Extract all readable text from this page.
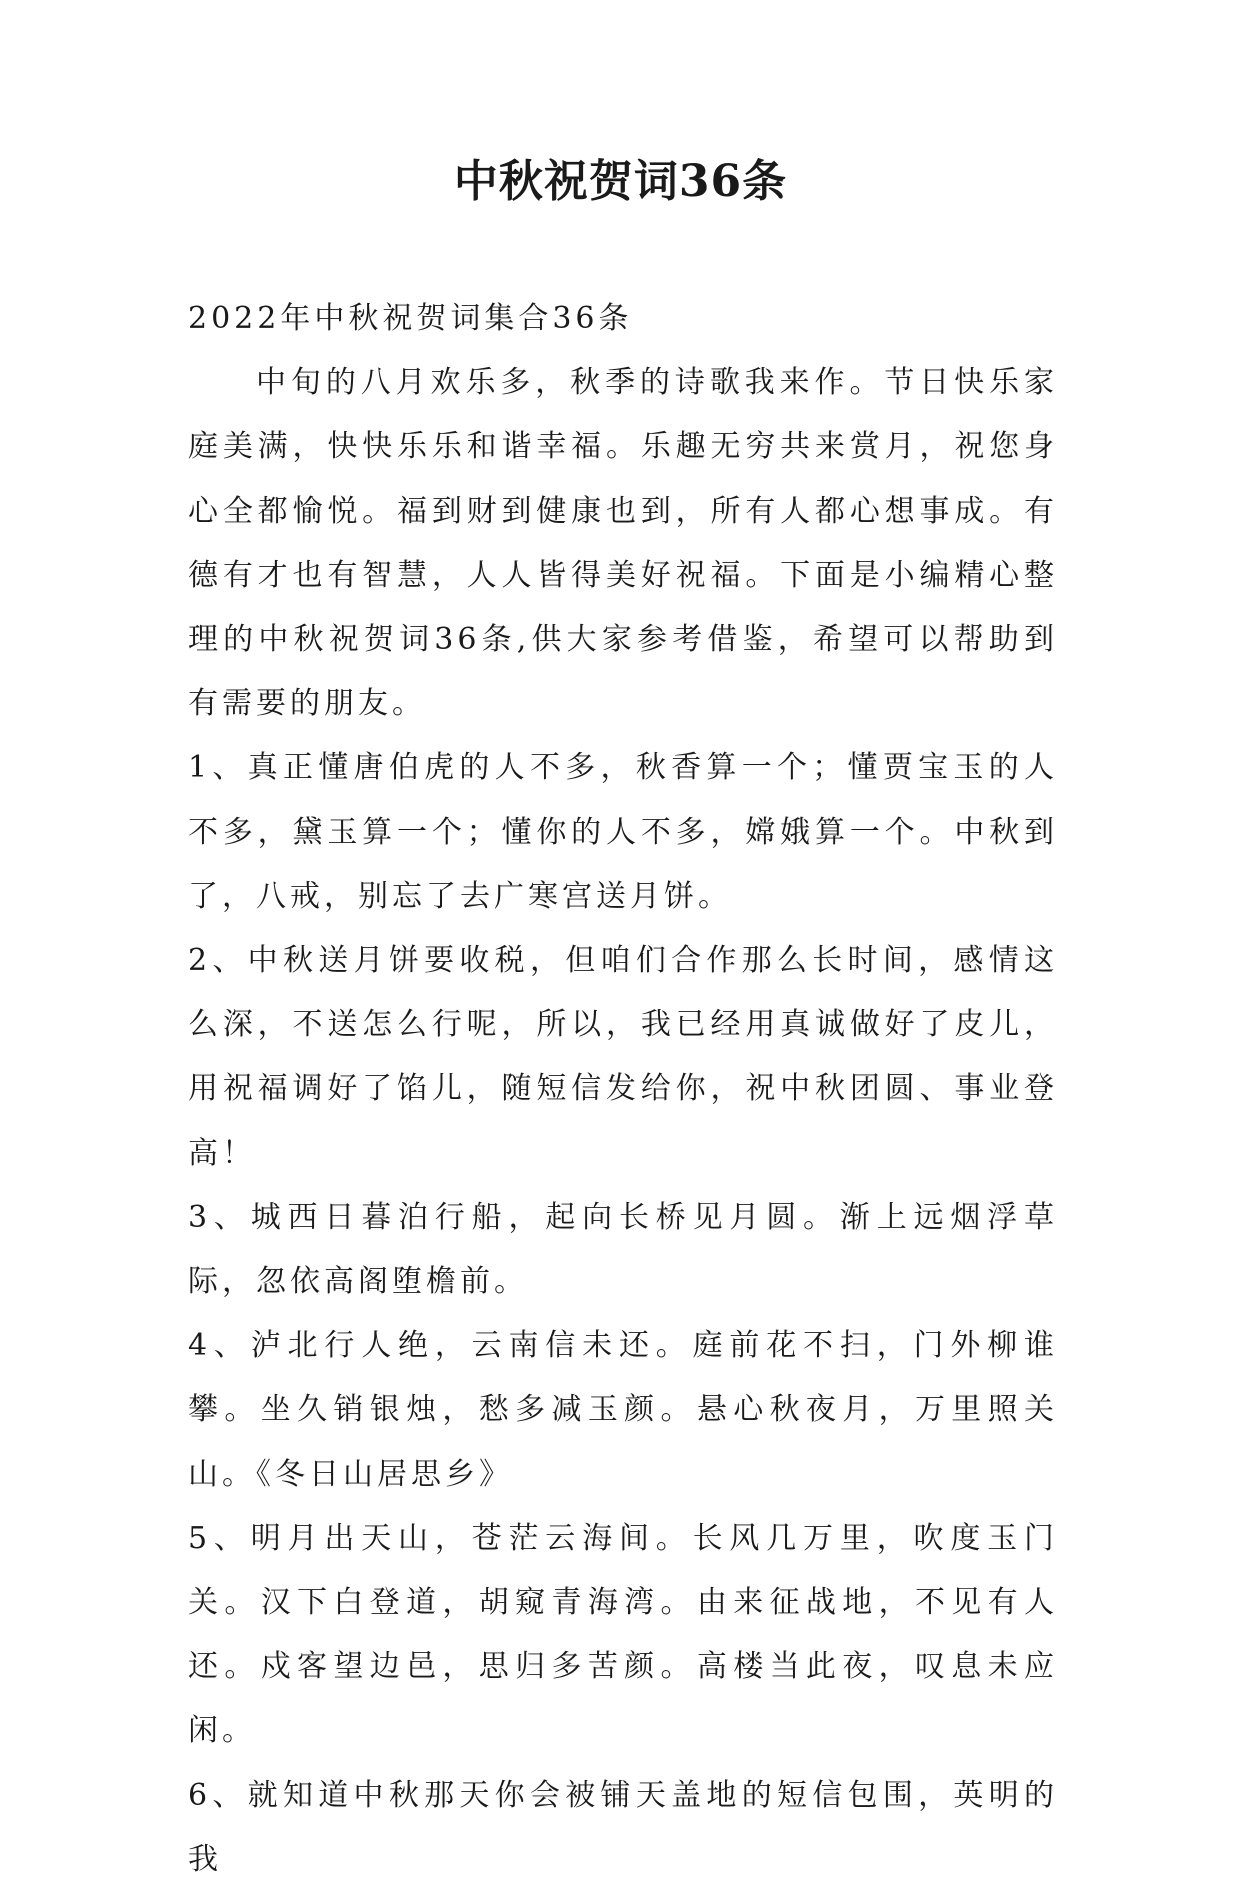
中秋祝贺词36条

2022年中秋祝贺词集合36条

中旬的八月欢乐多，秋季的诗歌我来作。节日快乐家庭美满，快快乐乐和谐幸福。乐趣无穷共来赏月，祝您身心全都愉悦。福到财到健康也到，所有人都心想事成。有德有才也有智慧，人人皆得美好祝福。下面是小编精心整理的中秋祝贺词36条,供大家参考借鉴，希望可以帮助到有需要的朋友。

1、真正懂唐伯虎的人不多，秋香算一个；懂贾宝玉的人不多，黛玉算一个；懂你的人不多，嫦娥算一个。中秋到了，八戒，别忘了去广寒宫送月饼。

2、中秋送月饼要收税，但咱们合作那么长时间，感情这么深，不送怎么行呢，所以，我已经用真诚做好了皮儿，用祝福调好了馅儿，随短信发给你，祝中秋团圆、事业登高！

3、城西日暮泊行船，起向长桥见月圆。渐上远烟浮草际，忽依高阁堕檐前。

4、泸北行人绝，云南信未还。庭前花不扫，门外柳谁攀。坐久销银烛，愁多减玉颜。悬心秋夜月，万里照关山。《冬日山居思乡》

5、明月出天山，苍茫云海间。长风几万里，吹度玉门关。汉下白登道，胡窥青海湾。由来征战地，不见有人还。戍客望边邑，思归多苦颜。高楼当此夜，叹息未应闲。

6、就知道中秋那天你会被铺天盖地的短信包围，英明的我
